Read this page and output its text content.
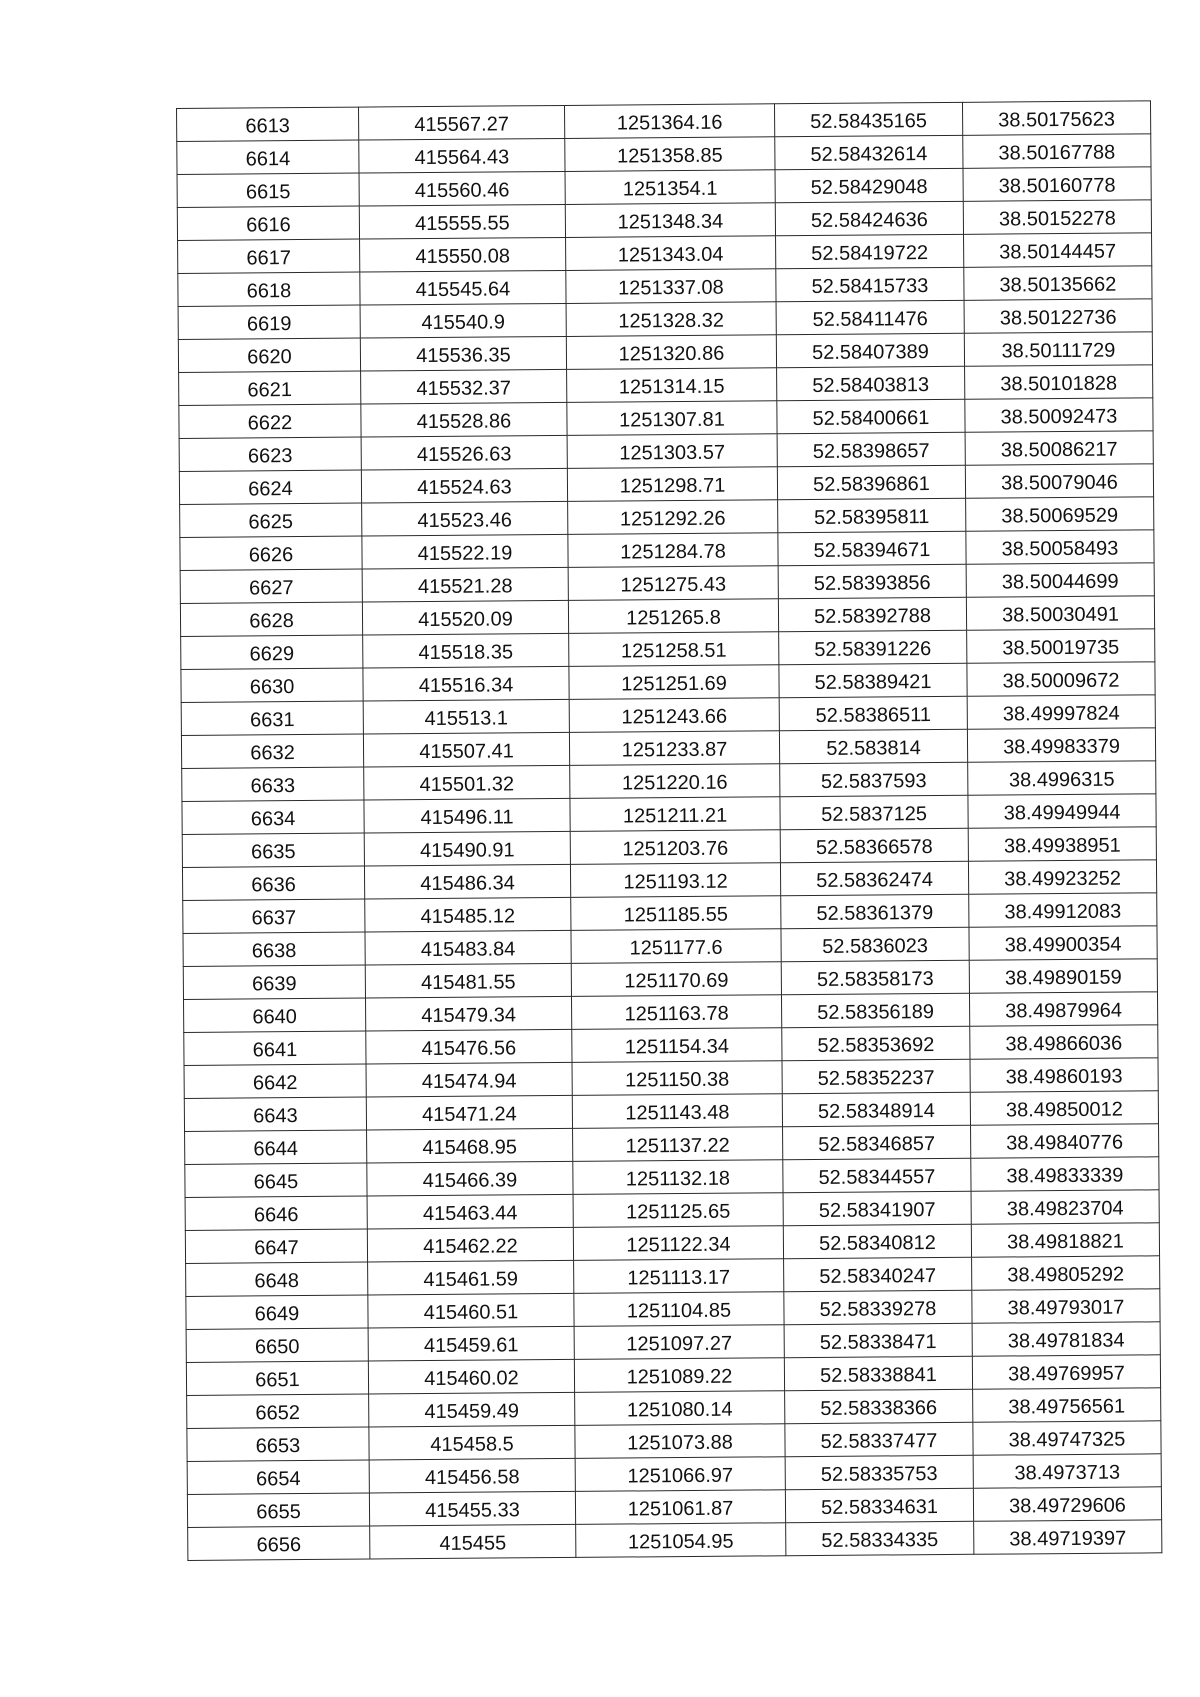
6613	415567.27	1251364.16	52.58435165	38.50175623
6614	415564.43	1251358.85	52.58432614	38.50167788
6615	415560.46	1251354.1	52.58429048	38.50160778
6616	415555.55	1251348.34	52.58424636	38.50152278
6617	415550.08	1251343.04	52.58419722	38.50144457
6618	415545.64	1251337.08	52.58415733	38.50135662
6619	415540.9	1251328.32	52.58411476	38.50122736
6620	415536.35	1251320.86	52.58407389	38.50111729
6621	415532.37	1251314.15	52.58403813	38.50101828
6622	415528.86	1251307.81	52.58400661	38.50092473
6623	415526.63	1251303.57	52.58398657	38.50086217
6624	415524.63	1251298.71	52.58396861	38.50079046
6625	415523.46	1251292.26	52.58395811	38.50069529
6626	415522.19	1251284.78	52.58394671	38.50058493
6627	415521.28	1251275.43	52.58393856	38.50044699
6628	415520.09	1251265.8	52.58392788	38.50030491
6629	415518.35	1251258.51	52.58391226	38.50019735
6630	415516.34	1251251.69	52.58389421	38.50009672
6631	415513.1	1251243.66	52.58386511	38.49997824
6632	415507.41	1251233.87	52.583814	38.49983379
6633	415501.32	1251220.16	52.5837593	38.4996315
6634	415496.11	1251211.21	52.5837125	38.49949944
6635	415490.91	1251203.76	52.58366578	38.49938951
6636	415486.34	1251193.12	52.58362474	38.49923252
6637	415485.12	1251185.55	52.58361379	38.49912083
6638	415483.84	1251177.6	52.5836023	38.49900354
6639	415481.55	1251170.69	52.58358173	38.49890159
6640	415479.34	1251163.78	52.58356189	38.49879964
6641	415476.56	1251154.34	52.58353692	38.49866036
6642	415474.94	1251150.38	52.58352237	38.49860193
6643	415471.24	1251143.48	52.58348914	38.49850012
6644	415468.95	1251137.22	52.58346857	38.49840776
6645	415466.39	1251132.18	52.58344557	38.49833339
6646	415463.44	1251125.65	52.58341907	38.49823704
6647	415462.22	1251122.34	52.58340812	38.49818821
6648	415461.59	1251113.17	52.58340247	38.49805292
6649	415460.51	1251104.85	52.58339278	38.49793017
6650	415459.61	1251097.27	52.58338471	38.49781834
6651	415460.02	1251089.22	52.58338841	38.49769957
6652	415459.49	1251080.14	52.58338366	38.49756561
6653	415458.5	1251073.88	52.58337477	38.49747325
6654	415456.58	1251066.97	52.58335753	38.4973713
6655	415455.33	1251061.87	52.58334631	38.49729606
6656	415455	1251054.95	52.58334335	38.49719397
